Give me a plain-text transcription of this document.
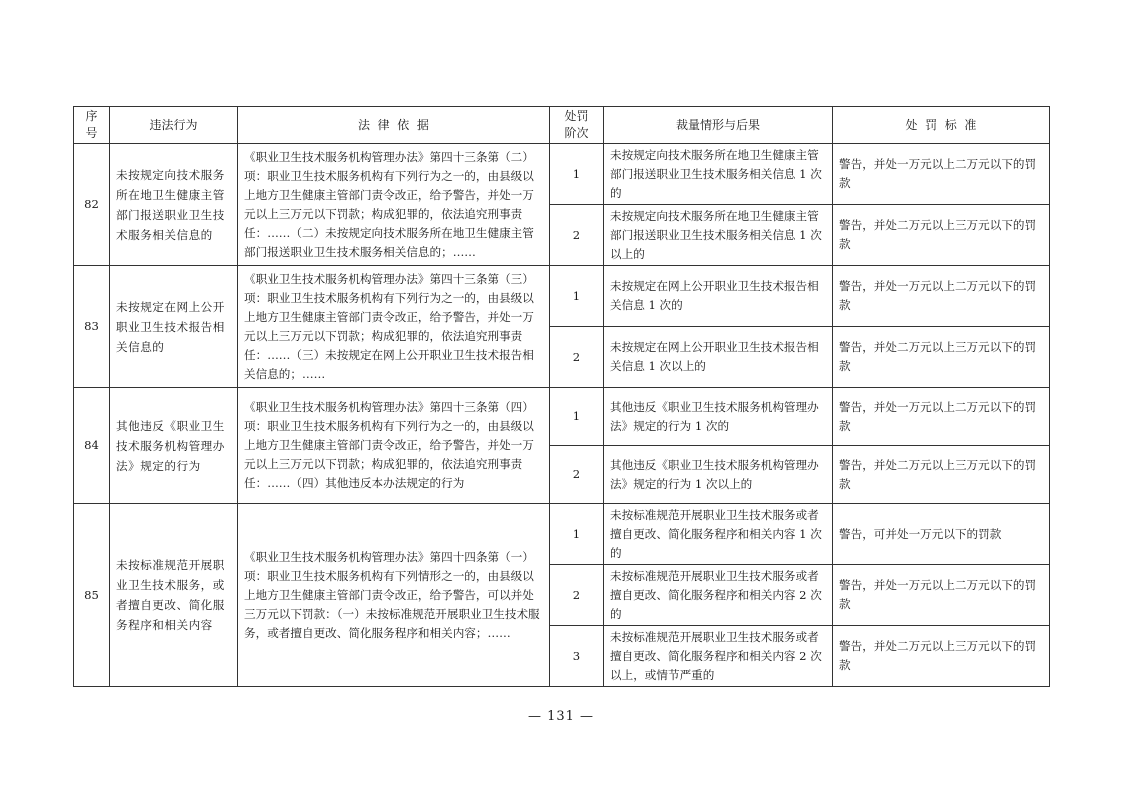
序号	违法行为	法  律  依  据	处罚阶次	裁量情形与后果	处  罚  标  准
82	未按规定向技术服务所在地卫生健康主管部门报送职业卫生技术服务相关信息的	《职业卫生技术服务机构管理办法》第四十三条第（二）项：职业卫生技术服务机构有下列行为之一的，由县级以上地方卫生健康主管部门责令改正，给予警告，并处一万元以上三万元以下罚款；构成犯罪的，依法追究刑事责任：……（二）未按规定向技术服务所在地卫生健康主管部门报送职业卫生技术服务相关信息的；……	1	未按规定向技术服务所在地卫生健康主管部门报送职业卫生技术服务相关信息 1 次的	警告，并处一万元以上二万元以下的罚款
			2	未按规定向技术服务所在地卫生健康主管部门报送职业卫生技术服务相关信息 1 次以上的	警告，并处二万元以上三万元以下的罚款
83	未按规定在网上公开职业卫生技术报告相关信息的	《职业卫生技术服务机构管理办法》第四十三条第（三）项：职业卫生技术服务机构有下列行为之一的，由县级以上地方卫生健康主管部门责令改正，给予警告，并处一万元以上三万元以下罚款；构成犯罪的，依法追究刑事责任：……（三）未按规定在网上公开职业卫生技术报告相关信息的；……	1	未按规定在网上公开职业卫生技术报告相关信息 1 次的	警告，并处一万元以上二万元以下的罚款
			2	未按规定在网上公开职业卫生技术报告相关信息 1 次以上的	警告，并处二万元以上三万元以下的罚款
84	其他违反《职业卫生技术服务机构管理办法》规定的行为	《职业卫生技术服务机构管理办法》第四十三条第（四）项：职业卫生技术服务机构有下列行为之一的，由县级以上地方卫生健康主管部门责令改正，给予警告，并处一万元以上三万元以下罚款；构成犯罪的，依法追究刑事责任：……（四）其他违反本办法规定的行为	1	其他违反《职业卫生技术服务机构管理办法》规定的行为 1 次的	警告，并处一万元以上二万元以下的罚款
			2	其他违反《职业卫生技术服务机构管理办法》规定的行为 1 次以上的	警告，并处二万元以上三万元以下的罚款
85	未按标准规范开展职业卫生技术服务，或者擅自更改、简化服务程序和相关内容	《职业卫生技术服务机构管理办法》第四十四条第（一）项：职业卫生技术服务机构有下列情形之一的，由县级以上地方卫生健康主管部门责令改正，给予警告，可以并处三万元以下罚款：（一）未按标准规范开展职业卫生技术服务，或者擅自更改、简化服务程序和相关内容；……	1	未按标准规范开展职业卫生技术服务或者擅自更改、简化服务程序和相关内容 1 次的	警告，可并处一万元以下的罚款
			2	未按标准规范开展职业卫生技术服务或者擅自更改、简化服务程序和相关内容 2 次的	警告，并处一万元以上二万元以下的罚款
			3	未按标准规范开展职业卫生技术服务或者擅自更改、简化服务程序和相关内容 2 次以上，或情节严重的	警告，并处二万元以上三万元以下的罚款
— 131 —
